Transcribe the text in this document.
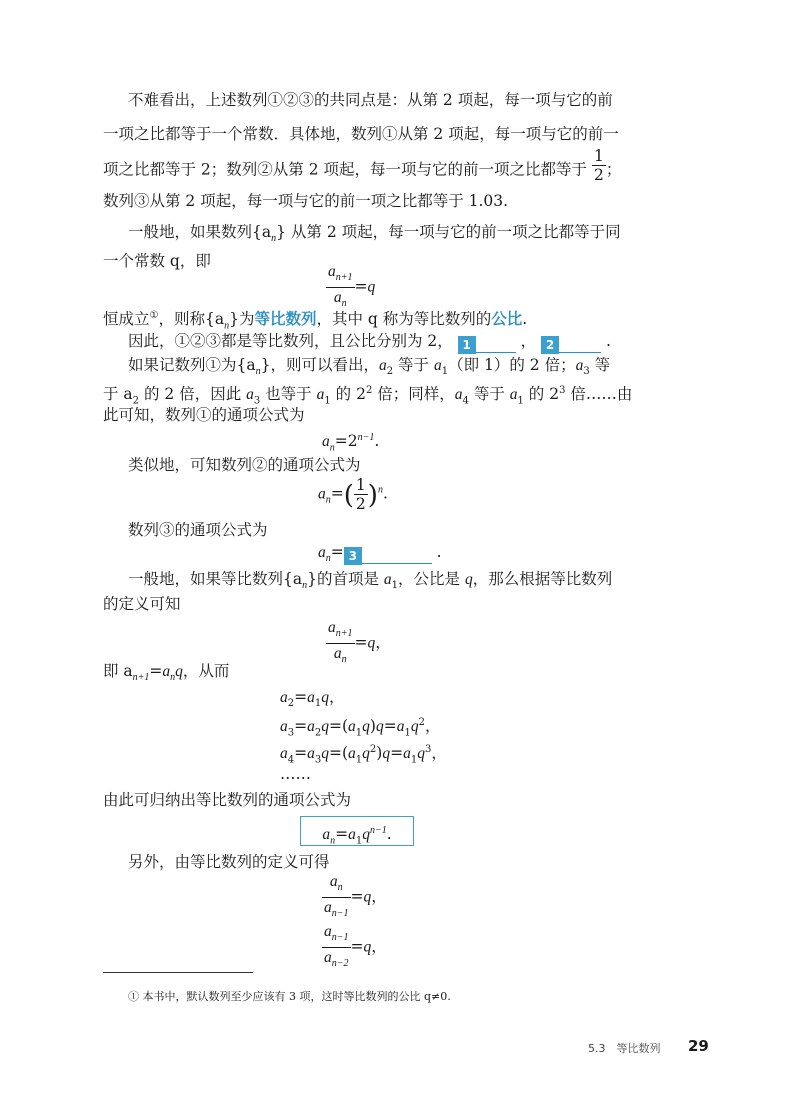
不难看出，上述数列①②③的共同点是：从第 2 项起，每一项与它的前
一项之比都等于一个常数．具体地，数列①从第 2 项起，每一项与它的前一
项之比都等于 2；数列②从第 2 项起，每一项与它的前一项之比都等于 $\frac{1}{2}$ ；
数列③从第 2 项起，每一项与它的前一项之比都等于 1.03.
一般地，如果数列$\{a_n\}$ 从第 2 项起，每一项与它的前一项之比都等于同
一个常数 q，即
$\frac{a_{n+1}}{a_n} =q$
恒成立①，则称$\{a_n\}$为等比数列，其中 q 称为等比数列的公比.
因此，①②③都是等比数列，且公比分别为 2， 1	， 2	.
如果记数列①为$\{a_n\}$，则可以看出，$a_2$ 等于 $a_1$（即 1）的 2 倍；$a_3$ 等
于 $a_2$ 的 2 倍，因此 $a_3$ 也等于 $a_1$ 的 $2^2$ 倍；同样，$a_4$ 等于 $a_1$ 的 $2^3$ 倍……由
此可知，数列①的通项公式为
$a_n=2^{n-1}$.
类似地，可知数列②的通项公式为
$a_n=( \frac{1}{2} )^n$.
数列③的通项公式为
$a_n= 3$	.
一般地，如果等比数列$\{a_n\}$的首项是 $a_1$，公比是 q，那么根据等比数列
的定义可知
$\frac{a_{n+1}}{a_n} =q$，
即 $a_{n+1}=a_nq$，从而
$a_2=a_1q$，
$a_3=a_2q=(a_1q)q=a_1q^2$，
$a_4=a_3q=(a_1q^2)q=a_1q^3$，
……
由此可归纳出等比数列的通项公式为
$a_n=a_1q^{n-1}$.
另外，由等比数列的定义可得
$\frac{a_n}{a_{n-1}} =q$，
$\frac{a_{n-1}}{a_{n-2}} =q$，
① 本书中，默认数列至少应该有 3 项，这时等比数列的公比 q≠0.
5.3　等比数列 29
